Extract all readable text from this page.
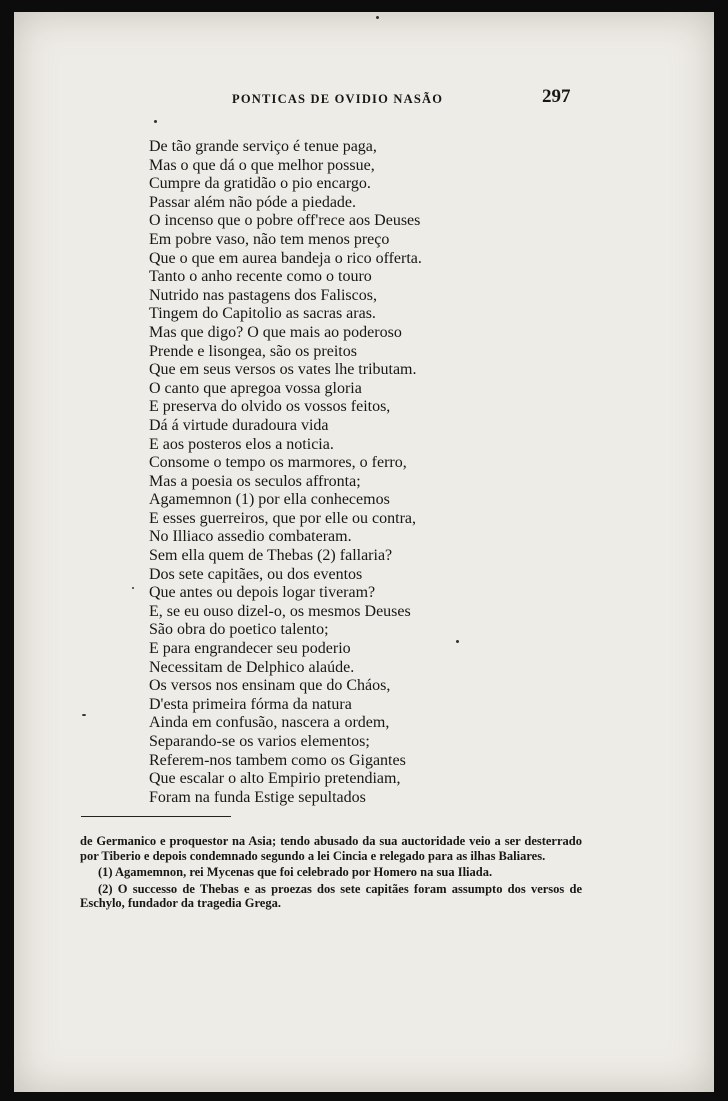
PONTICAS DE OVIDIO NASÃO	297
De tão grande serviço é tenue paga,
Mas o que dá o que melhor possue,
Cumpre da gratidão o pio encargo.
Passar além não póde a piedade.
O incenso que o pobre off'rece aos Deuses
Em pobre vaso, não tem menos preço
Que o que em aurea bandeja o rico offerta.
Tanto o anho recente como o touro
Nutrido nas pastagens dos Faliscos,
Tingem do Capitolio as sacras aras.
Mas que digo? O que mais ao poderoso
Prende e lisongea, são os preitos
Que em seus versos os vates lhe tributam.
O canto que apregoa vossa gloria
E preserva do olvido os vossos feitos,
Dá á virtude duradoura vida
E aos posteros elos a noticia.
Consome o tempo os marmores, o ferro,
Mas a poesia os seculos affronta;
Agamemnon (1) por ella conhecemos
E esses guerreiros, que por elle ou contra,
No Illiaco assedio combateram.
Sem ella quem de Thebas (2) fallaria?
Dos sete capitães, ou dos eventos
Que antes ou depois logar tiveram?
E, se eu ouso dizel-o, os mesmos Deuses
São obra do poetico talento;
E para engrandecer seu poderio
Necessitam de Delphico alaúde.
Os versos nos ensinam que do Cháos,
D'esta primeira fórma da natura
Ainda em confusão, nascera a ordem,
Separando-se os varios elementos;
Referem-nos tambem como os Gigantes
Que escalar o alto Empirio pretendiam,
Foram na funda Estige sepultados

de Germanico e proquestor na Asia; tendo abusado da sua auctoridade veio a ser desterrado por Tiberio e depois condemnado segundo a lei Cincia e relegado para as ilhas Baliares.

(1) Agamemnon, rei Mycenas que foi celebrado por Homero na sua Iliada.

(2) O successo de Thebas e as proezas dos sete capitães foram assumpto dos versos de Eschylo, fundador da tragedia Grega.
